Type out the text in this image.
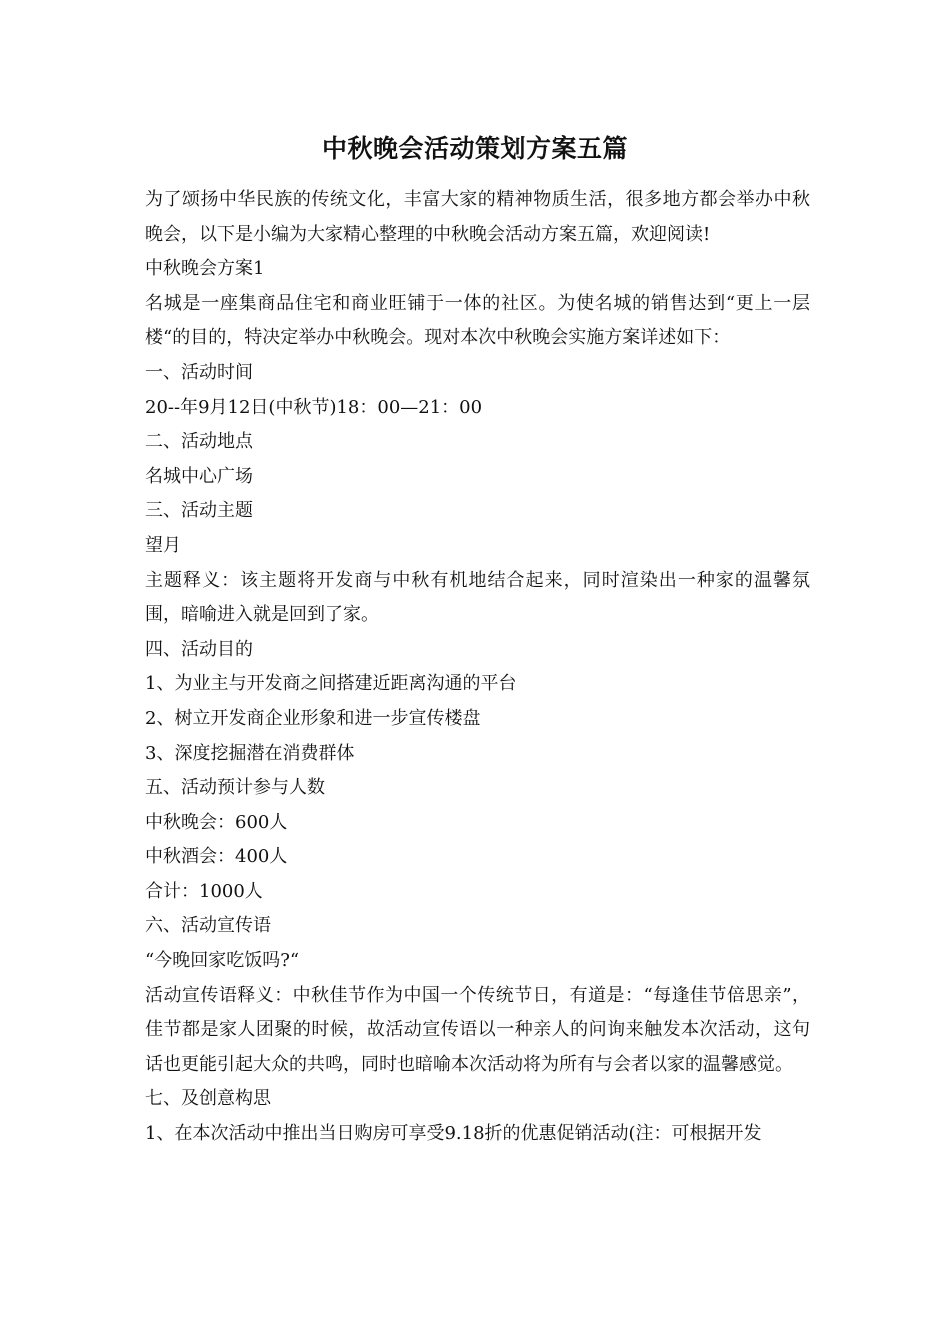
中秋晚会活动策划方案五篇

为了颂扬中华民族的传统文化，丰富大家的精神物质生活，很多地方都会举办中秋晚会，以下是小编为大家精心整理的中秋晚会活动方案五篇，欢迎阅读!

中秋晚会方案1

名城是一座集商品住宅和商业旺铺于一体的社区。为使名城的销售达到“更上一层楼“的目的，特决定举办中秋晚会。现对本次中秋晚会实施方案详述如下：

一、活动时间

20--年9月12日(中秋节)18：00—21：00

二、活动地点

名城中心广场

三、活动主题

望月

主题释义：该主题将开发商与中秋有机地结合起来，同时渲染出一种家的温馨氛围，暗喻进入就是回到了家。

四、活动目的

1、为业主与开发商之间搭建近距离沟通的平台

2、树立开发商企业形象和进一步宣传楼盘

3、深度挖掘潜在消费群体

五、活动预计参与人数

中秋晚会：600人

中秋酒会：400人

合计：1000人

六、活动宣传语

“今晚回家吃饭吗?“

活动宣传语释义：中秋佳节作为中国一个传统节日，有道是：“每逢佳节倍思亲”，佳节都是家人团聚的时候，故活动宣传语以一种亲人的问询来触发本次活动，这句话也更能引起大众的共鸣，同时也暗喻本次活动将为所有与会者以家的温馨感觉。

七、及创意构思

1、在本次活动中推出当日购房可享受9.18折的优惠促销活动(注：可根据开发
